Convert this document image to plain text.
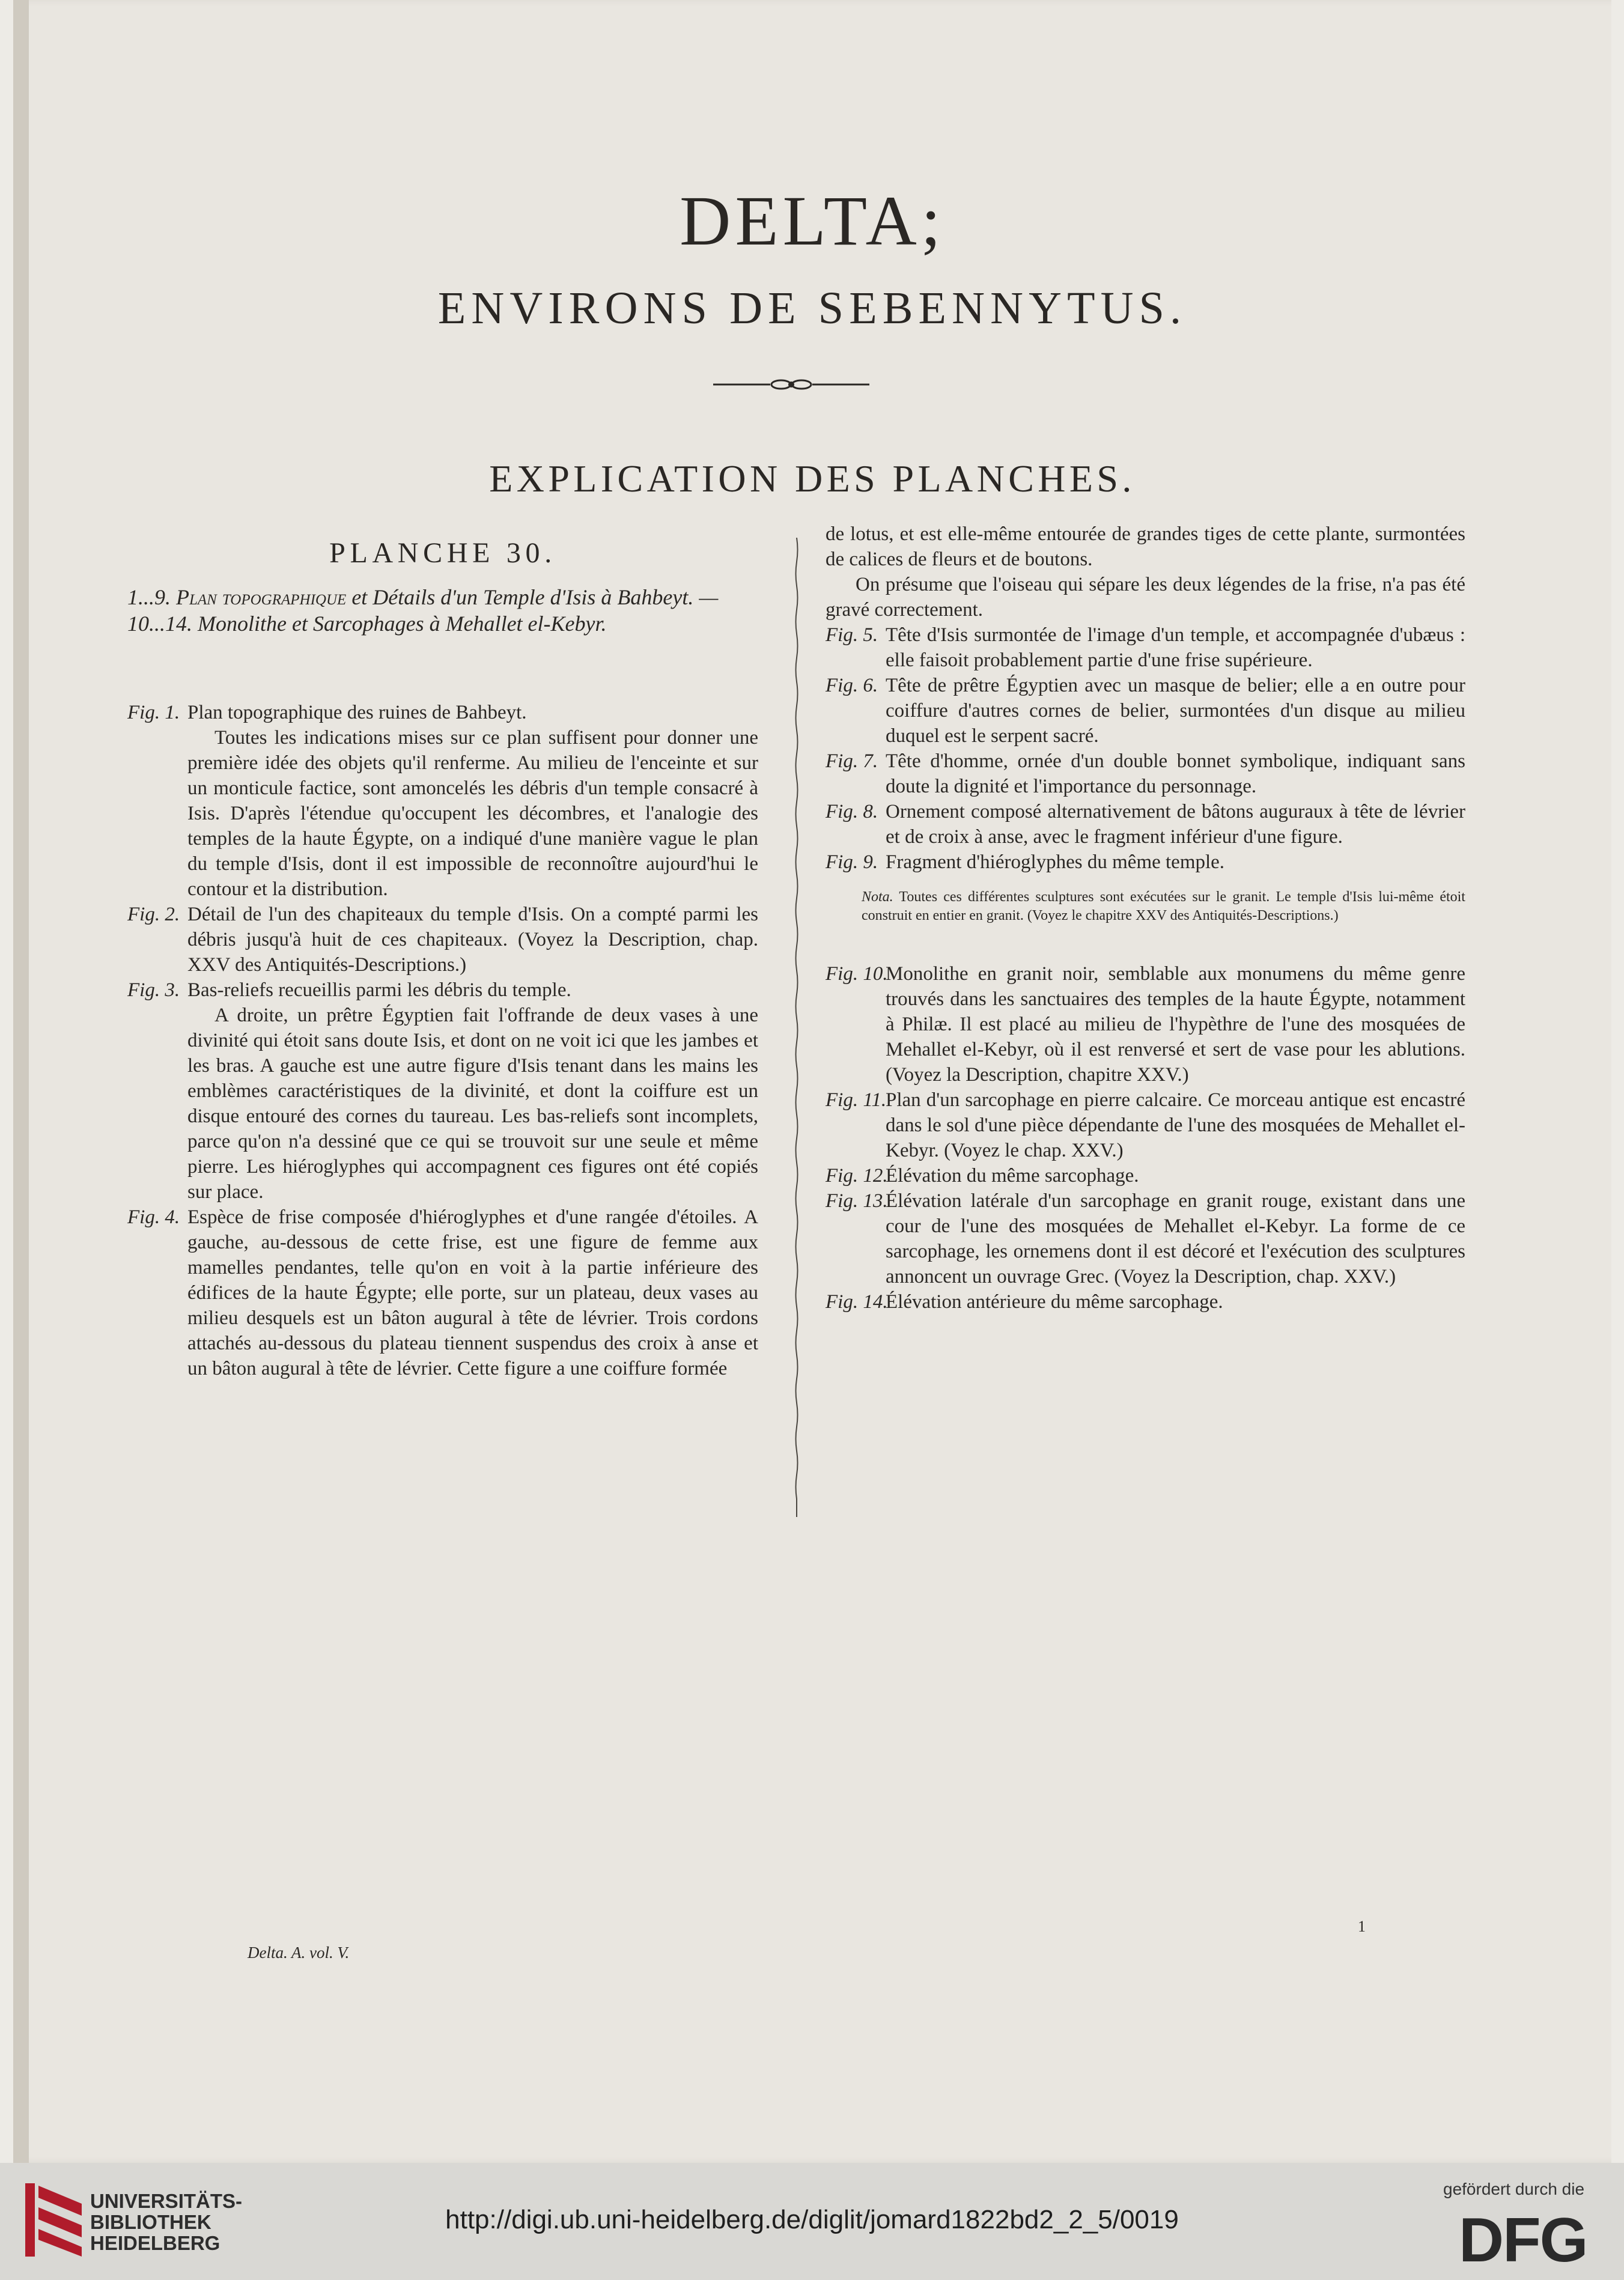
DELTA;
ENVIRONS DE SEBENNYTUS.
EXPLICATION DES PLANCHES.
PLANCHE 30.

1...9. Plan topographique et Détails d'un Temple d'Isis à Bahbeyt. — 10...14. Monolithe et Sarcophages à Mehallet el-Kebyr.

Fig. 1. Plan topographique des ruines de Bahbeyt.

Toutes les indications mises sur ce plan suffisent pour donner une première idée des objets qu'il renferme. Au milieu de l'enceinte et sur un monticule factice, sont amoncelés les débris d'un temple consacré à Isis. D'après l'étendue qu'occupent les décombres, et l'analogie des temples de la haute Égypte, on a indiqué d'une manière vague le plan du temple d'Isis, dont il est impossible de reconnoître aujourd'hui le contour et la distribution.

Fig. 2. Détail de l'un des chapiteaux du temple d'Isis. On a compté parmi les débris jusqu'à huit de ces chapiteaux. (Voyez la Description, chap. XXV des Antiquités-Descriptions.)

Fig. 3. Bas-reliefs recueillis parmi les débris du temple.

A droite, un prêtre Égyptien fait l'offrande de deux vases à une divinité qui étoit sans doute Isis, et dont on ne voit ici que les jambes et les bras. A gauche est une autre figure d'Isis tenant dans les mains les emblèmes caractéristiques de la divinité, et dont la coiffure est un disque entouré des cornes du taureau. Les bas-reliefs sont incomplets, parce qu'on n'a dessiné que ce qui se trouvoit sur une seule et même pierre. Les hiéroglyphes qui accompagnent ces figures ont été copiés sur place.

Fig. 4. Espèce de frise composée d'hiéroglyphes et d'une rangée d'étoiles. A gauche, au-dessous de cette frise, est une figure de femme aux mamelles pendantes, telle qu'on en voit à la partie inférieure des édifices de la haute Égypte; elle porte, sur un plateau, deux vases au milieu desquels est un bâton augural à tête de lévrier. Trois cordons attachés au-dessous du plateau tiennent suspendus des croix à anse et un bâton augural à tête de lévrier. Cette figure a une coiffure formée

de lotus, et est elle-même entourée de grandes tiges de cette plante, surmontées de calices de fleurs et de boutons.

On présume que l'oiseau qui sépare les deux légendes de la frise, n'a pas été gravé correctement.

Fig. 5. Tête d'Isis surmontée de l'image d'un temple, et accompagnée d'ubæus : elle faisoit probablement partie d'une frise supérieure.

Fig. 6. Tête de prêtre Égyptien avec un masque de belier; elle a en outre pour coiffure d'autres cornes de belier, surmontées d'un disque au milieu duquel est le serpent sacré.

Fig. 7. Tête d'homme, ornée d'un double bonnet symbolique, indiquant sans doute la dignité et l'importance du personnage.

Fig. 8. Ornement composé alternativement de bâtons auguraux à tête de lévrier et de croix à anse, avec le fragment inférieur d'une figure.

Fig. 9. Fragment d'hiéroglyphes du même temple.

Nota. Toutes ces différentes sculptures sont exécutées sur le granit. Le temple d'Isis lui-même étoit construit en entier en granit. (Voyez le chapitre XXV des Antiquités-Descriptions.)

Fig. 10.

Monolithe en granit noir, semblable aux monumens du même genre trouvés dans les sanctuaires des temples de la haute Égypte, notamment à Philæ. Il est placé au milieu de l'hypèthre de l'une des mosquées de Mehallet el-Kebyr, où il est renversé et sert de vase pour les ablutions. (Voyez la Description, chapitre XXV.)

Fig. 11.

Plan d'un sarcophage en pierre calcaire. Ce morceau antique est encastré dans le sol d'une pièce dépendante de l'une des mosquées de Mehallet el-Kebyr. (Voyez le chap. XXV.)

Fig. 12.

Élévation du même sarcophage.

Fig. 13.

Élévation latérale d'un sarcophage en granit rouge, existant dans une cour de l'une des mosquées de Mehallet el-Kebyr. La forme de ce sarcophage, les ornemens dont il est décoré et l'exécution des sculptures annoncent un ouvrage Grec. (Voyez la Description, chap. XXV.)

Fig. 14.

Élévation antérieure du même sarcophage.

Delta. A. vol. V.
1
UNIVERSITÄTS-
BIBLIOTHEK
HEIDELBERG
http://digi.ub.uni-heidelberg.de/diglit/jomard1822bd2_2_5/0019
gefördert durch die
DFG
